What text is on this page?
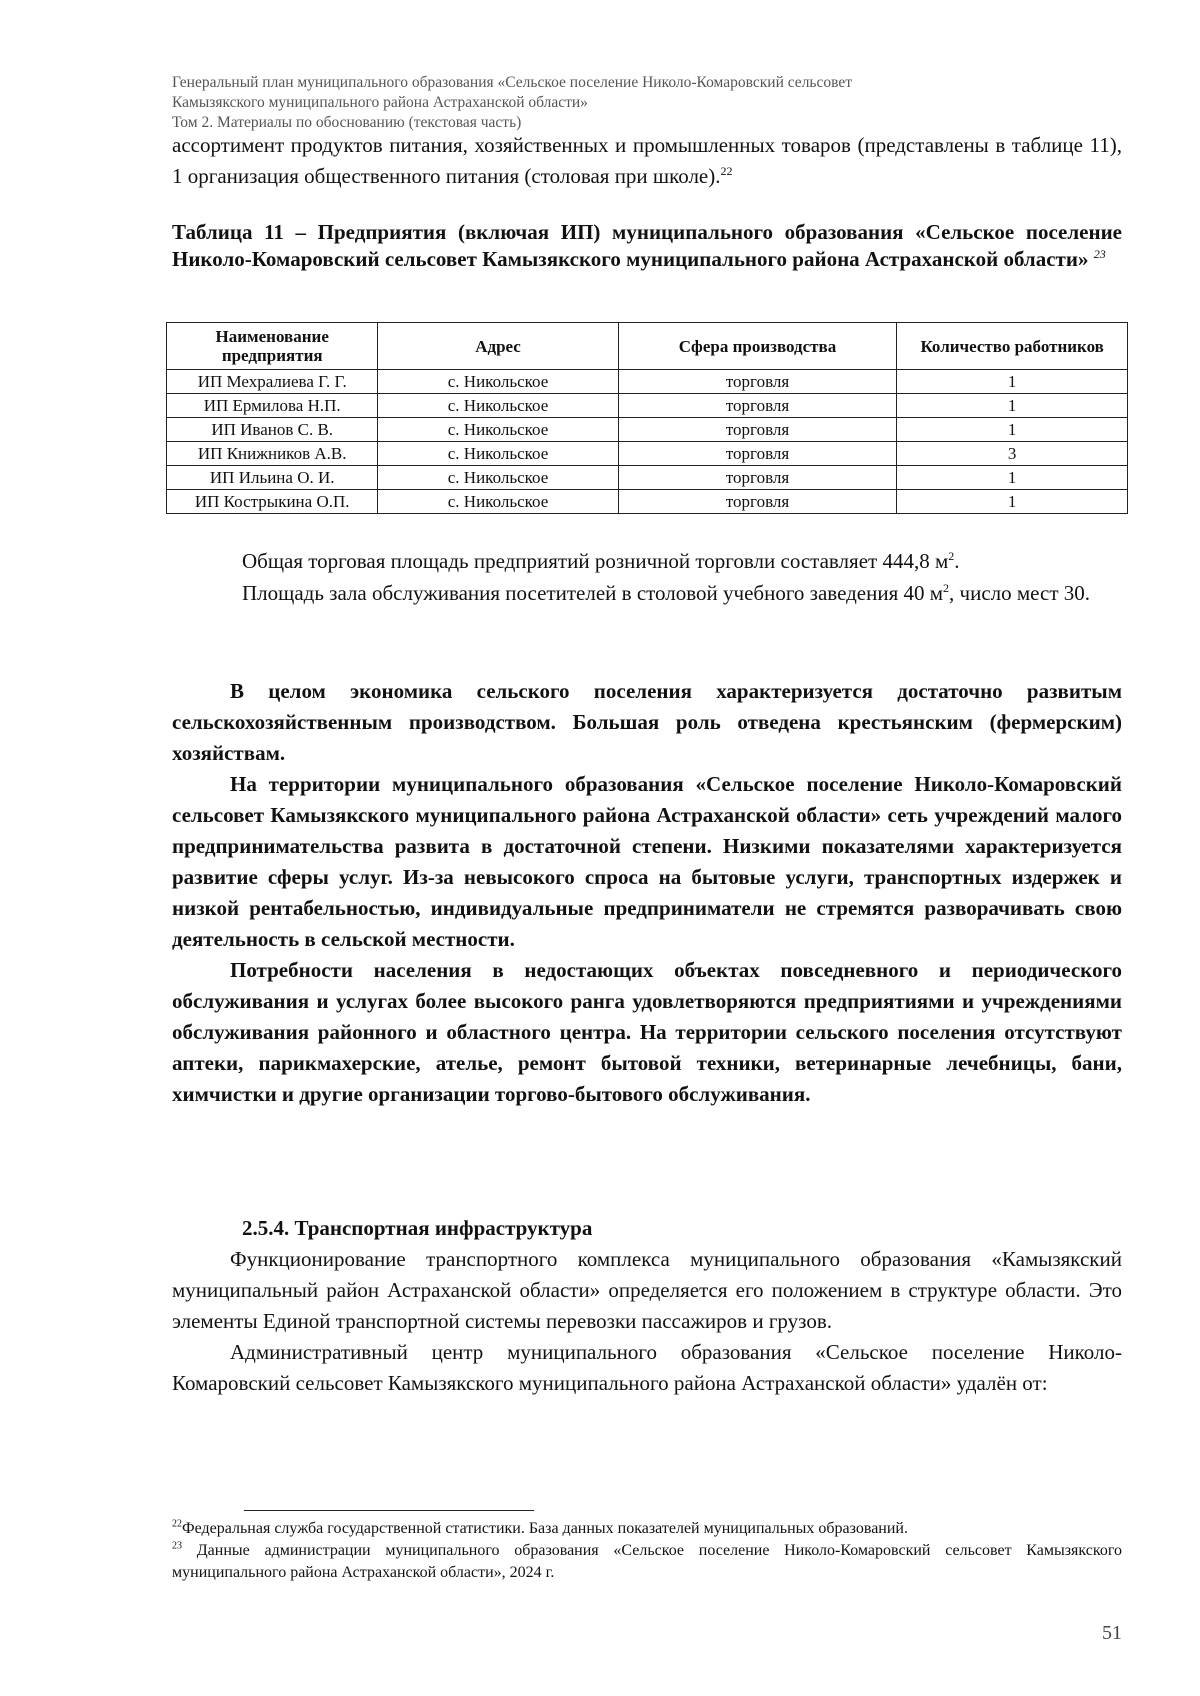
Генеральный план муниципального образования «Сельское поселение Николо-Комаровский сельсовет
Камызякского муниципального района Астраханской области»
Том 2. Материалы по обоснованию (текстовая часть)

ассортимент продуктов питания, хозяйственных и промышленных товаров (представлены в таблице 11), 1 организация общественного питания (столовая при школе).$^{22}$

Таблица 11 – Предприятия (включая ИП) муниципального образования «Сельское поселение Николо-Комаровский сельсовет Камызякского муниципального района Астраханской области» $^{23}$

Наименование предприятия	Адрес	Сфера производства	Количество работников
ИП Мехралиева Г. Г.	с. Никольское	торговля	1
ИП Ермилова Н.П.	с. Никольское	торговля	1
ИП Иванов С. В.	с. Никольское	торговля	1
ИП Книжников А.В.	с. Никольское	торговля	3
ИП Ильина О. И.	с. Никольское	торговля	1
ИП Кострыкина О.П.	с. Никольское	торговля	1

Общая торговая площадь предприятий розничной торговли составляет 444,8 $м^2$.

Площадь зала обслуживания посетителей в столовой учебного заведения 40 $м^2$, число мест 30.

В целом экономика сельского поселения характеризуется достаточно развитым сельскохозяйственным производством. Большая роль отведена крестьянским (фермерским) хозяйствам.

На территории муниципального образования «Сельское поселение Николо-Комаровский сельсовет Камызякского муниципального района Астраханской области» сеть учреждений малого предпринимательства развита в достаточной степени. Низкими показателями характеризуется развитие сферы услуг. Из-за невысокого спроса на бытовые услуги, транспортных издержек и низкой рентабельностью, индивидуальные предприниматели не стремятся разворачивать свою деятельность в сельской местности.

Потребности населения в недостающих объектах повседневного и периодического обслуживания и услугах более высокого ранга удовлетворяются предприятиями и учреждениями обслуживания районного и областного центра. На территории сельского поселения отсутствуют аптеки, парикмахерские, ателье, ремонт бытовой техники, ветеринарные лечебницы, бани, химчистки и другие организации торгово-бытового обслуживания.

2.5.4. Транспортная инфраструктура

Функционирование транспортного комплекса муниципального образования «Камызякский муниципальный район Астраханской области» определяется его положением в структуре области. Это элементы Единой транспортной системы перевозки пассажиров и грузов.

Административный центр муниципального образования «Сельское поселение Николо-Комаровский сельсовет Камызякского муниципального района Астраханской области» удалён от:

$^{22}$Федеральная служба государственной статистики. База данных показателей муниципальных образований.

$^{23}$ Данные администрации муниципального образования «Сельское поселение Николо-Комаровский сельсовет Камызякского муниципального района Астраханской области», 2024 г.

51
